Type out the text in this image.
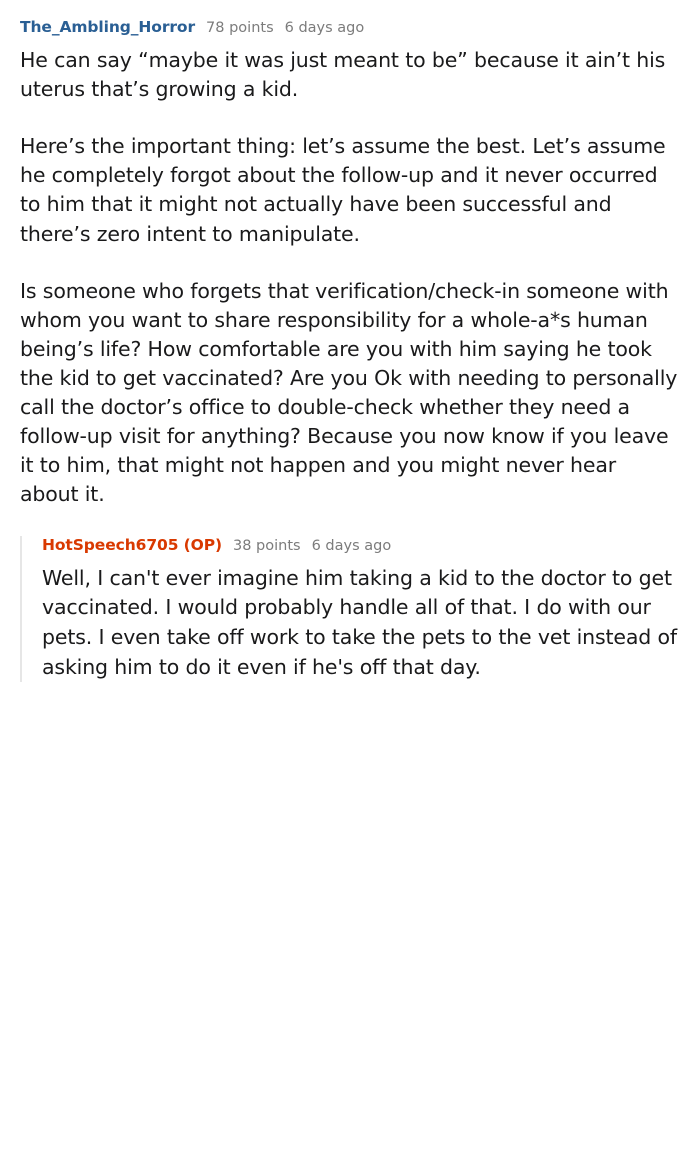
The_Ambling_Horror 78 points 6 days ago

He can say “maybe it was just meant to be” because it ain’t his uterus that’s growing a kid.

Here’s the important thing: let’s assume the best. Let’s assume he completely forgot about the follow-up and it never occurred to him that it might not actually have been successful and there’s zero intent to manipulate.

Is someone who forgets that verification/check-in someone with whom you want to share responsibility for a whole-a*s human being’s life? How comfortable are you with him saying he took the kid to get vaccinated? Are you Ok with needing to personally call the doctor’s office to double-check whether they need a follow-up visit for anything? Because you now know if you leave it to him, that might not happen and you might never hear about it.

HotSpeech6705 (OP) 38 points 6 days ago

Well, I can't ever imagine him taking a kid to the doctor to get vaccinated. I would probably handle all of that. I do with our pets. I even take off work to take the pets to the vet instead of asking him to do it even if he's off that day.
